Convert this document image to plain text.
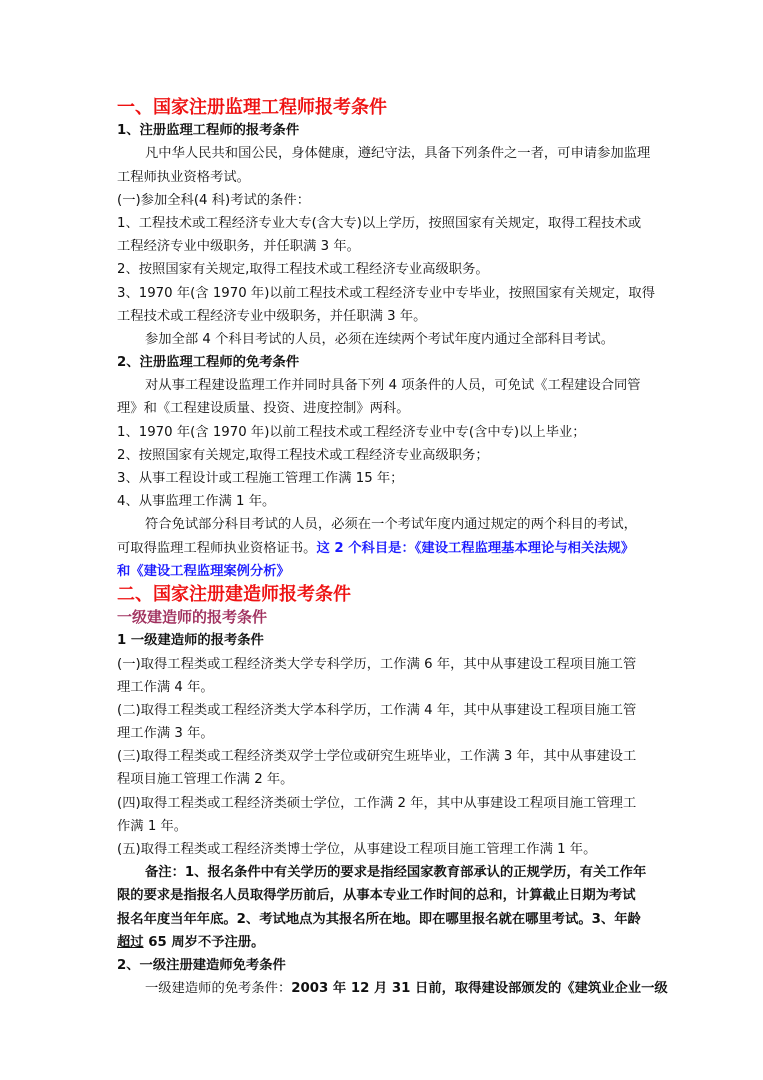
一、国家注册监理工程师报考条件
1、注册监理工程师的报考条件
凡中华人民共和国公民，身体健康，遵纪守法，具备下列条件之一者，可申请参加监理
工程师执业资格考试。
(一)参加全科(4 科)考试的条件：
1、工程技术或工程经济专业大专(含大专)以上学历，按照国家有关规定，取得工程技术或
工程经济专业中级职务，并任职满 3 年。
2、按照国家有关规定,取得工程技术或工程经济专业高级职务。
3、1970 年(含 1970 年)以前工程技术或工程经济专业中专毕业，按照国家有关规定，取得
工程技术或工程经济专业中级职务，并任职满 3 年。
参加全部 4 个科目考试的人员，必须在连续两个考试年度内通过全部科目考试。
2、注册监理工程师的免考条件
对从事工程建设监理工作并同时具备下列 4 项条件的人员，可免试《工程建设合同管
理》和《工程建设质量、投资、进度控制》两科。
1、1970 年(含 1970 年)以前工程技术或工程经济专业中专(含中专)以上毕业；
2、按照国家有关规定,取得工程技术或工程经济专业高级职务；
3、从事工程设计或工程施工管理工作满 15 年；
4、从事监理工作满 1 年。
符合免试部分科目考试的人员，必须在一个考试年度内通过规定的两个科目的考试，
可取得监理工程师执业资格证书。这 2 个科目是：《建设工程监理基本理论与相关法规》
和《建设工程监理案例分析》
二、国家注册建造师报考条件
一级建造师的报考条件
1 一级建造师的报考条件
(一)取得工程类或工程经济类大学专科学历，工作满 6 年，其中从事建设工程项目施工管
理工作满 4 年。
(二)取得工程类或工程经济类大学本科学历，工作满 4 年，其中从事建设工程项目施工管
理工作满 3 年。
(三)取得工程类或工程经济类双学士学位或研究生班毕业，工作满 3 年，其中从事建设工
程项目施工管理工作满 2 年。
(四)取得工程类或工程经济类硕士学位，工作满 2 年，其中从事建设工程项目施工管理工
作满 1 年。
(五)取得工程类或工程经济类博士学位，从事建设工程项目施工管理工作满 1 年。
备注：1、报名条件中有关学历的要求是指经国家教育部承认的正规学历，有关工作年
限的要求是指报名人员取得学历前后，从事本专业工作时间的总和，计算截止日期为考试
报名年度当年年底。2、考试地点为其报名所在地。即在哪里报名就在哪里考试。3、年龄
超过 65 周岁不予注册。
2、一级注册建造师免考条件
一级建造师的免考条件：2003 年 12 月 31 日前，取得建设部颁发的《建筑业企业一级
